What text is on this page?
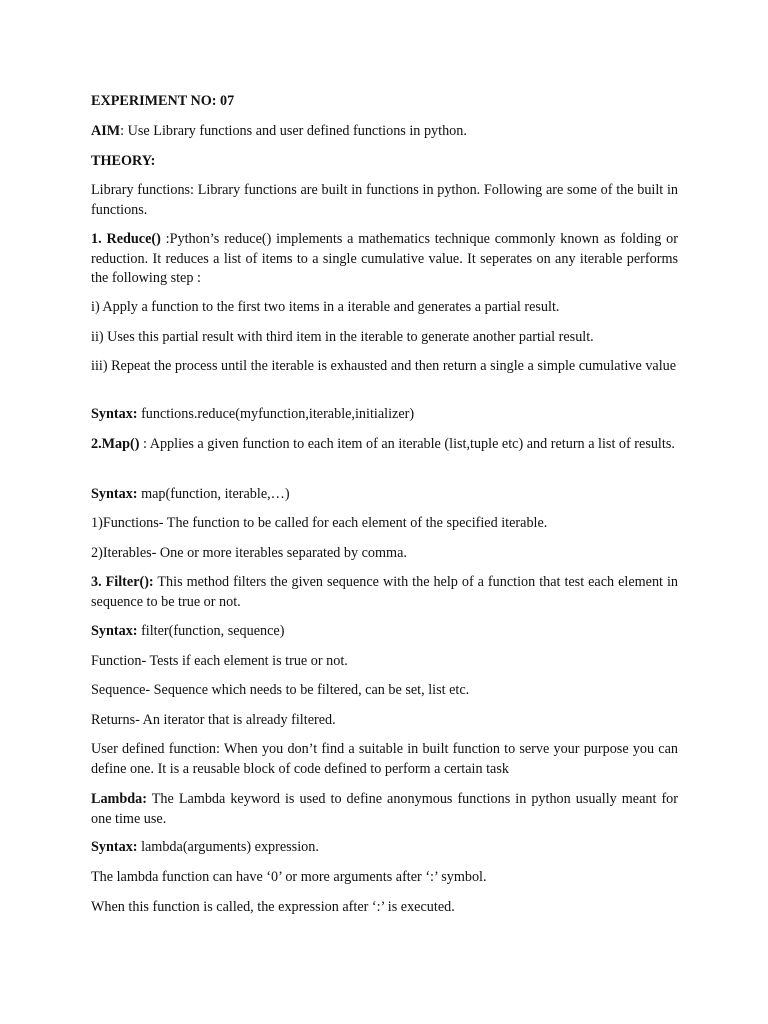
EXPERIMENT NO: 07

AIM: Use Library functions and user defined functions in python.

THEORY:

Library functions: Library functions are built in functions in python. Following are some of the built in functions.

1. Reduce() :Python’s reduce() implements a mathematics technique commonly known as folding or reduction. It reduces a list of items to a single cumulative value. It seperates on any iterable performs the following step :

i) Apply a function to the first two items in a iterable and generates a partial result.

ii) Uses this partial result with third item in the iterable to generate another partial result.

iii) Repeat the process until the iterable is exhausted and then return a single a simple cumulative value

Syntax: functions.reduce(myfunction,iterable,initializer)

2.Map() : Applies a given function to each item of an iterable (list,tuple etc) and return a list of results.

Syntax: map(function, iterable,…)

1)Functions- The function to be called for each element of the specified iterable.

2)Iterables- One or more iterables separated by comma.

3. Filter(): This method filters the given sequence with the help of a function that test each element in sequence to be true or not.

Syntax: filter(function, sequence)

Function- Tests if each element is true or not.

Sequence- Sequence which needs to be filtered, can be set, list etc.

Returns- An iterator that is already filtered.

User defined function: When you don’t find a suitable in built function to serve your purpose you can define one. It is a reusable block of code defined to perform a certain task

Lambda: The Lambda keyword is used to define anonymous functions in python usually meant for one time use.

Syntax: lambda(arguments) expression.

The lambda function can have ‘0’ or more arguments after ‘:’ symbol.

When this function is called, the expression after ‘:’ is executed.
